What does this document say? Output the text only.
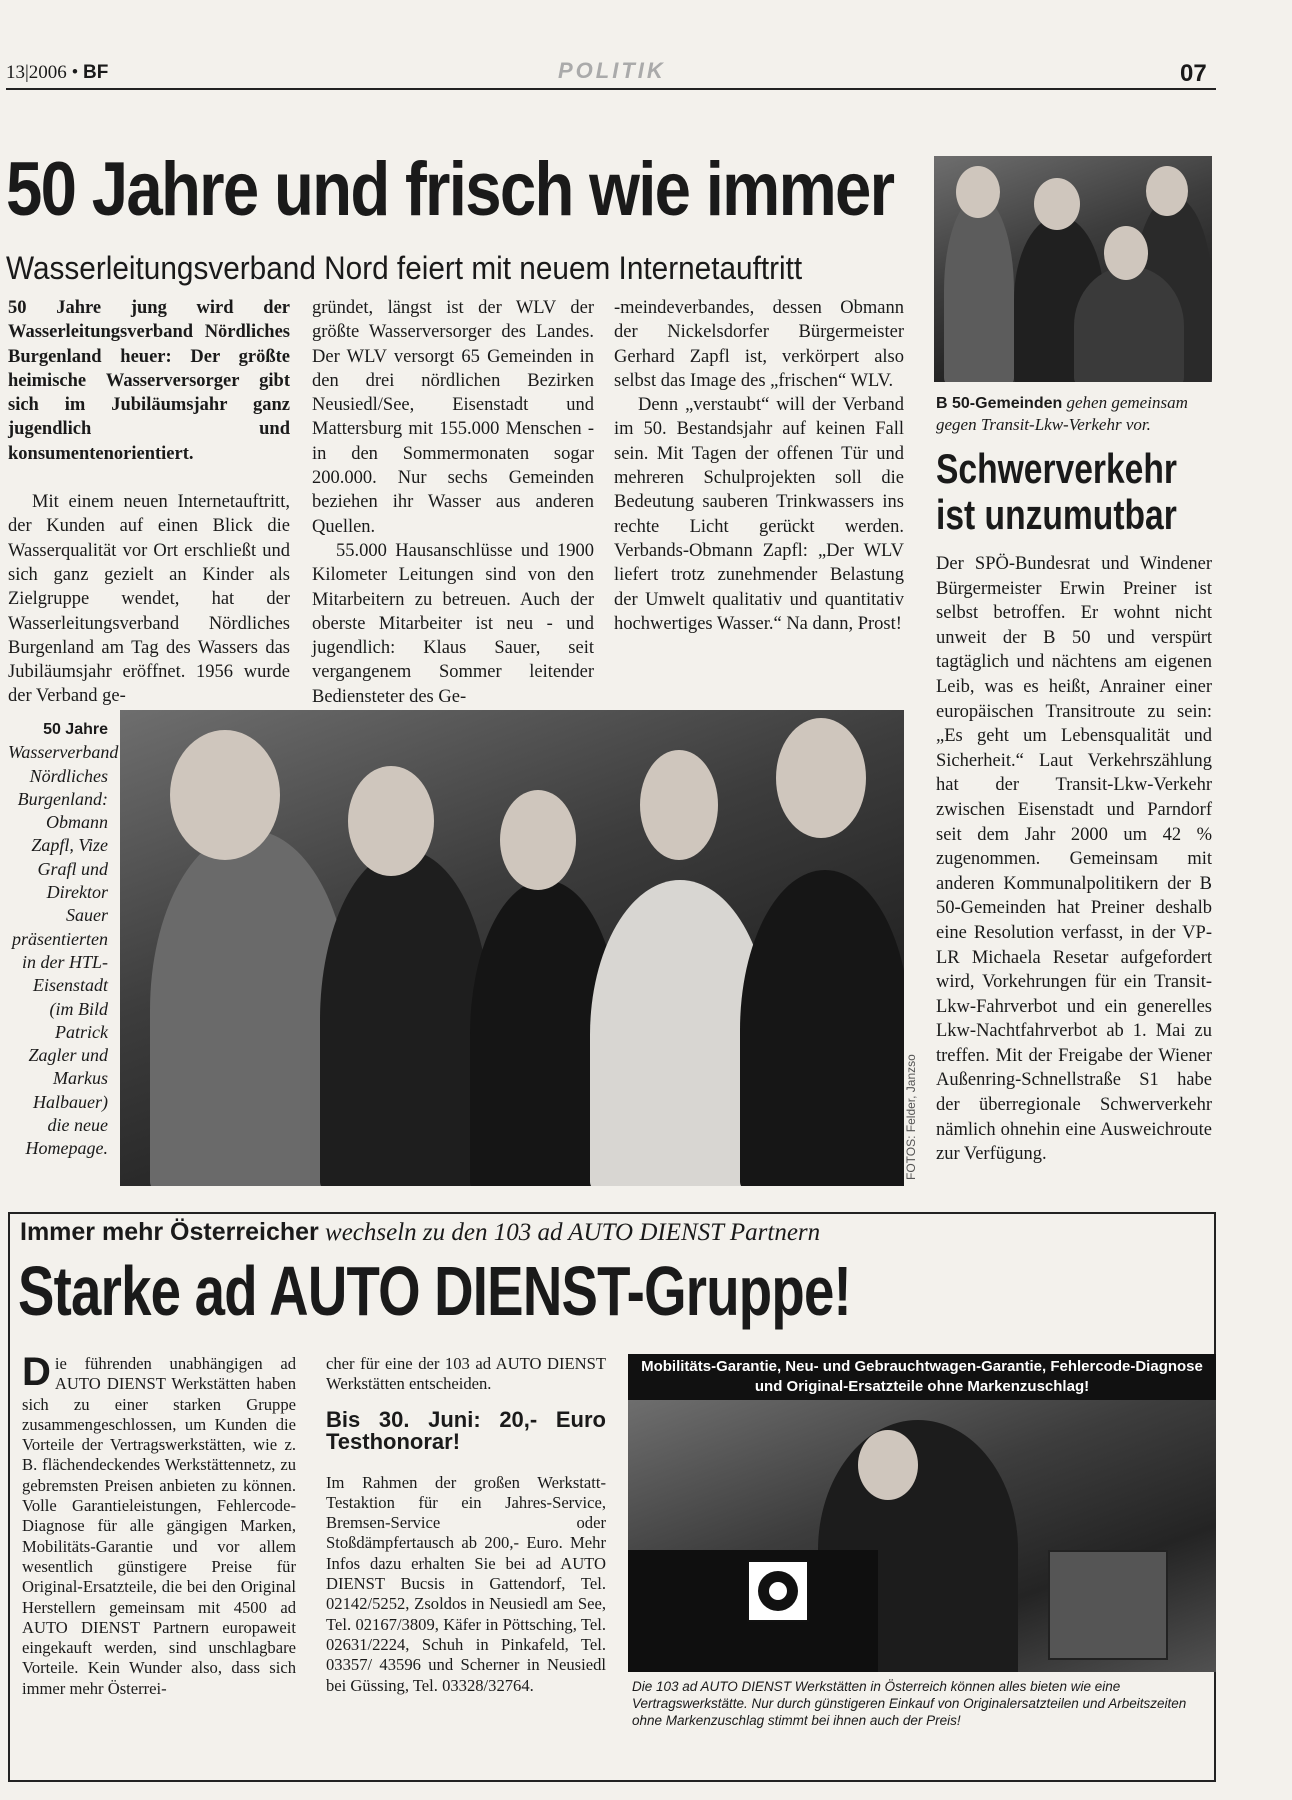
13|2006 • BF	POLITIK	07
50 Jahre und frisch wie immer
Wasserleitungsverband Nord feiert mit neuem Internetauftritt

50 Jahre jung wird der Wasserleitungsverband Nördliches Burgenland heuer: Der größte heimische Wasserversorger gibt sich im Jubiläumsjahr ganz jugendlich und konsumentenorientiert.

Mit einem neuen Internetauftritt, der Kunden auf einen Blick die Wasserqualität vor Ort erschließt und sich ganz gezielt an Kinder als Zielgruppe wendet, hat der Wasserleitungsverband Nördliches Burgenland am Tag des Wassers das Jubiläumsjahr eröffnet. 1956 wurde der Verband ge-

gründet, längst ist der WLV der größte Wasserversorger des Landes. Der WLV versorgt 65 Gemeinden in den drei nördlichen Bezirken Neusiedl/See, Eisenstadt und Mattersburg mit 155.000 Menschen - in den Sommermonaten sogar 200.000. Nur sechs Gemeinden beziehen ihr Wasser aus anderen Quellen.

55.000 Hausanschlüsse und 1900 Kilometer Leitungen sind von den Mitarbeitern zu betreuen. Auch der oberste Mitarbeiter ist neu - und jugendlich: Klaus Sauer, seit vergangenem Sommer leitender Bediensteter des Ge-

-meindeverbandes, dessen Obmann der Nickelsdorfer Bürgermeister Gerhard Zapfl ist, verkörpert also selbst das Image des „frischen“ WLV.

Denn „verstaubt“ will der Verband im 50. Bestandsjahr auf keinen Fall sein. Mit Tagen der offenen Tür und mehreren Schulprojekten soll die Bedeutung sauberen Trinkwassers ins rechte Licht gerückt werden. Verbands-Obmann Zapfl: „Der WLV liefert trotz zunehmender Belastung der Umwelt qualitativ und quantitativ hochwertiges Wasser.“ Na dann, Prost!

B 50-Gemeinden gehen gemeinsam gegen Transit-Lkw-Verkehr vor.
Schwerverkehr
ist unzumutbar

Der SPÖ-Bundesrat und Windener Bürgermeister Erwin Preiner ist selbst betroffen. Er wohnt nicht unweit der B 50 und verspürt tagtäglich und nächtens am eigenen Leib, was es heißt, Anrainer einer europäischen Transitroute zu sein: „Es geht um Lebensqualität und Sicherheit.“ Laut Verkehrszählung hat der Transit-Lkw-Verkehr zwischen Eisenstadt und Parndorf seit dem Jahr 2000 um 42 % zugenommen. Gemeinsam mit anderen Kommunalpolitikern der B 50-Gemeinden hat Preiner deshalb eine Resolution verfasst, in der VP-LR Michaela Resetar aufgefordert wird, Vorkehrungen für ein Transit-Lkw-Fahrverbot und ein generelles Lkw-Nachtfahrverbot ab 1. Mai zu treffen. Mit der Freigabe der Wiener Außenring-Schnellstraße S1 habe der überregionale Schwerverkehr nämlich ohnehin eine Ausweichroute zur Verfügung.

50 Jahre
Wasserverband Nördliches Burgenland: Obmann Zapfl, Vize Grafl und Direktor Sauer präsentierten in der HTL-Eisenstadt (im Bild Patrick Zagler und Markus Halbauer) die neue Homepage.	FOTOS: Felder, Janzso
Immer mehr Österreicher wechseln zu den 103 ad AUTO DIENST Partnern
Starke ad AUTO DIENST-Gruppe!
Die führenden unabhängigen ad AUTO DIENST Werkstätten haben sich zu einer starken Gruppe zusammengeschlossen, um Kunden die Vorteile der Vertragswerkstätten, wie z. B. flächendeckendes Werkstättennetz, zu gebremsten Preisen anbieten zu können. Volle Garantieleistungen, Fehlercode-Diagnose für alle gängigen Marken, Mobilitäts-Garantie und vor allem wesentlich günstigere Preise für Original-Ersatzteile, die bei den Original Herstellern gemeinsam mit 4500 ad AUTO DIENST Partnern europaweit eingekauft werden, sind unschlagbare Vorteile. Kein Wunder also, dass sich immer mehr Österrei-

cher für eine der 103 ad AUTO DIENST Werkstätten entscheiden.

Bis 30. Juni: 20,- Euro Testhonorar!

Im Rahmen der großen Werkstatt-Testaktion für ein Jahres-Service, Bremsen-Service oder Stoßdämpfertausch ab 200,- Euro. Mehr Infos dazu erhalten Sie bei ad AUTO DIENST Bucsis in Gattendorf, Tel. 02142/5252, Zsoldos in Neusiedl am See, Tel. 02167/3809, Käfer in Pöttsching, Tel. 02631/2224, Schuh in Pinkafeld, Tel. 03357/ 43596 und Scherner in Neusiedl bei Güssing, Tel. 03328/32764.

Mobilitäts-Garantie, Neu- und Gebrauchtwagen-Garantie, Fehlercode-Diagnose und Original-Ersatzteile ohne Markenzuschlag!
Die 103 ad AUTO DIENST Werkstätten in Österreich können alles bieten wie eine Vertragswerkstätte. Nur durch günstigeren Einkauf von Originalersatzteilen und Arbeitszeiten ohne Markenzuschlag stimmt bei ihnen auch der Preis!
